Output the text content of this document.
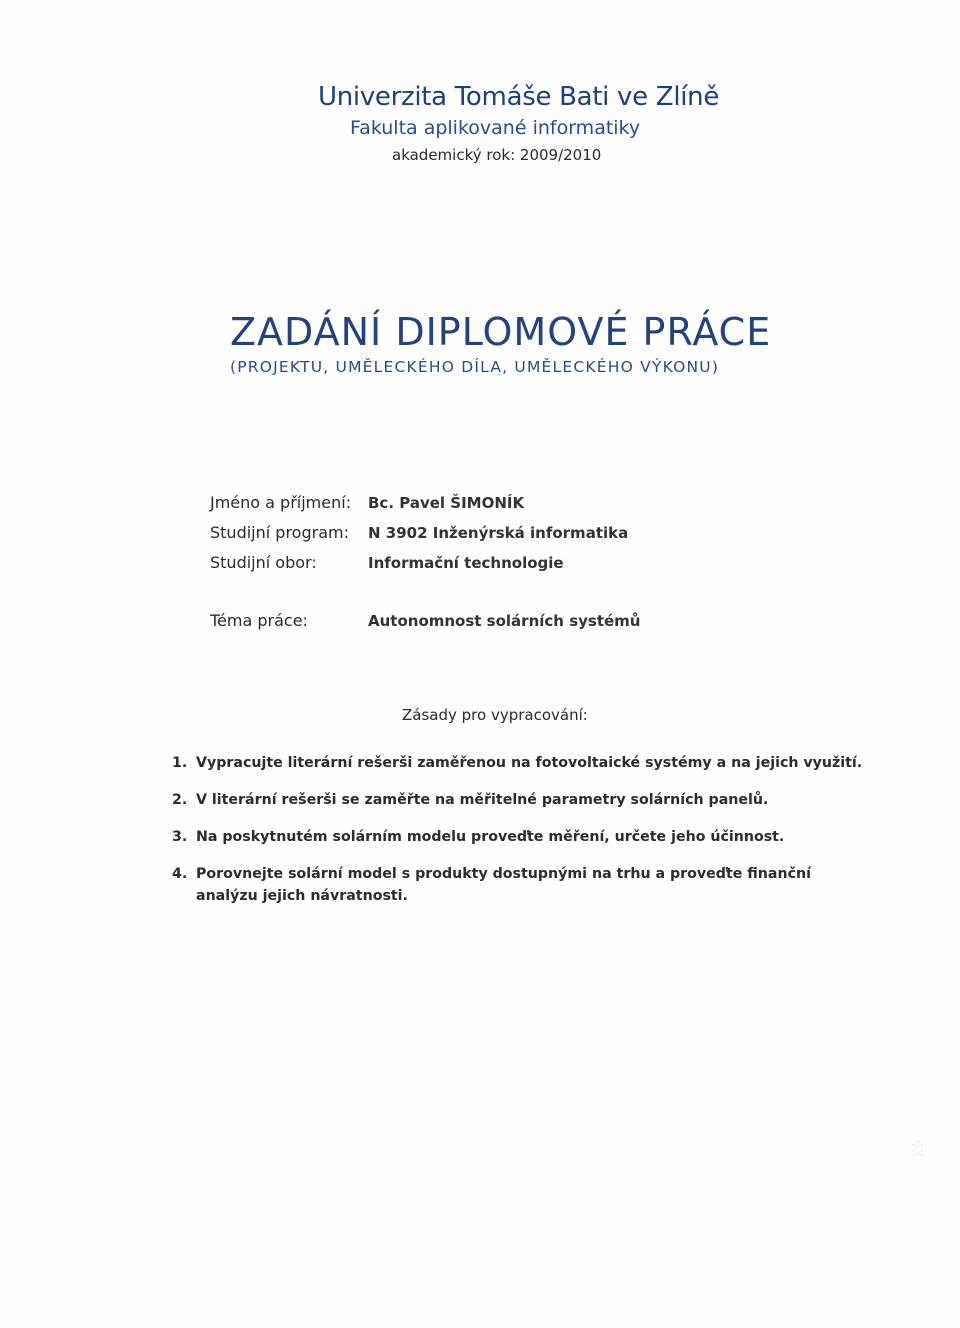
Univerzita Tomáše Bati ve Zlíně
Fakulta aplikované informatiky
akademický rok: 2009/2010
ZADÁNÍ DIPLOMOVÉ PRÁCE
(PROJEKTU, UMĚLECKÉHO DÍLA, UMĚLECKÉHO VÝKONU)
Jméno a příjmení: Bc. Pavel ŠIMONÍK
Studijní program: N 3902 Inženýrská informatika
Studijní obor:	Informační technologie
Téma práce:	Autonomnost solárních systémů
Zásady pro vypracování:
1. Vypracujte literární rešerši zaměřenou na fotovoltaické systémy a na jejich využití.
2. V literární rešerši se zaměřte na měřitelné parametry solárních panelů.
3. Na poskytnutém solárním modelu proveďte měření, určete jeho účinnost.
4. Porovnejte solární model s produkty dostupnými na trhu a proveďte finanční analýzu jejich návratnosti.
·:·
:·:
